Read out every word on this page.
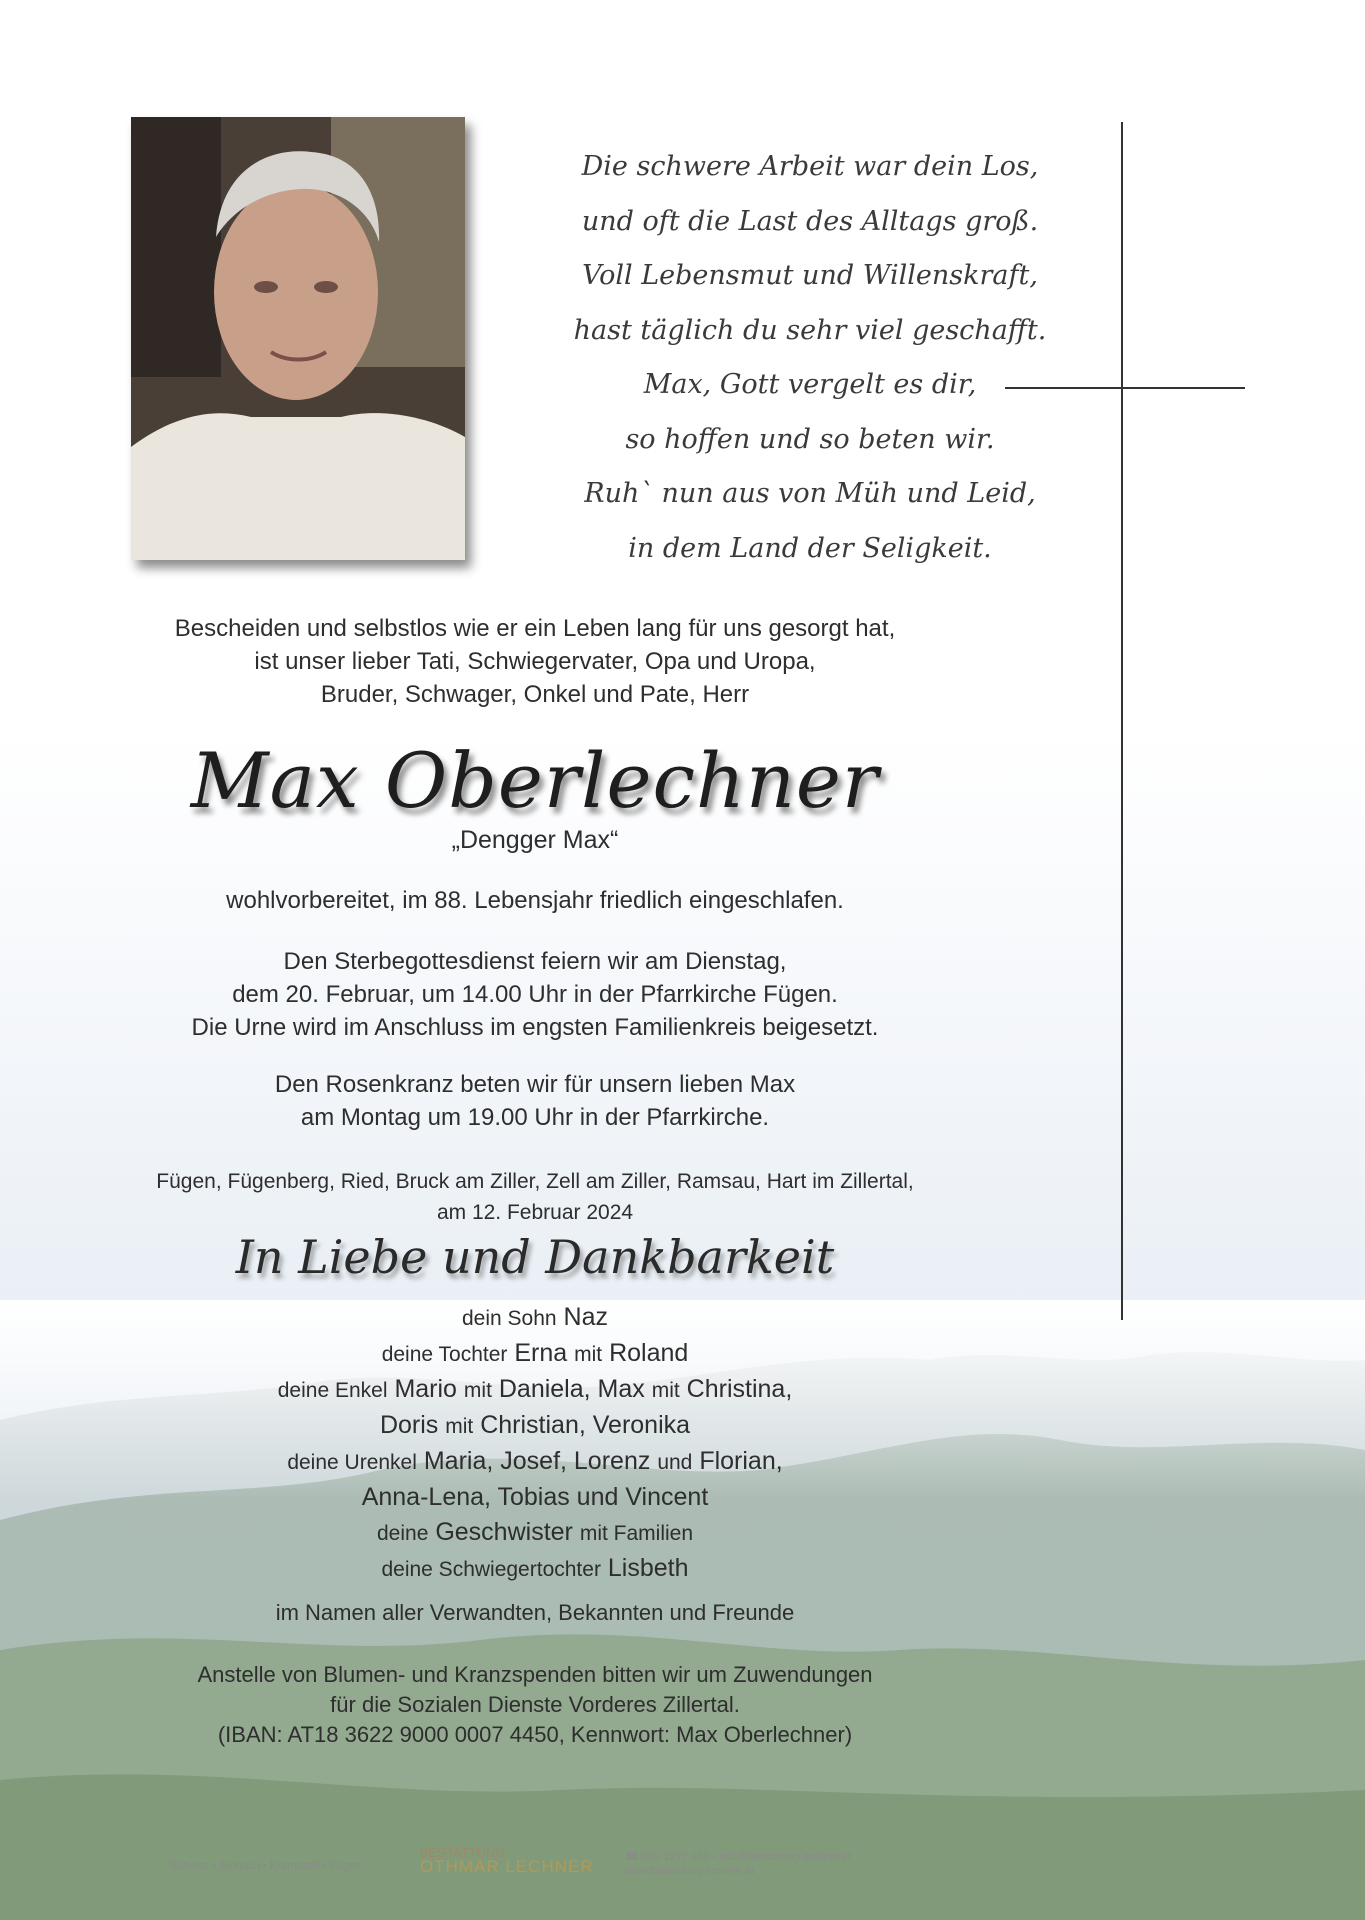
Die schwere Arbeit war dein Los,
und oft die Last des Alltags groß.
Voll Lebensmut und Willenskraft,
hast täglich du sehr viel geschafft.
Max, Gott vergelt es dir,
so hoffen und so beten wir.
Ruh` nun aus von Müh und Leid,
in dem Land der Seligkeit.
Bescheiden und selbstlos wie er ein Leben lang für uns gesorgt hat,
ist unser lieber Tati, Schwiegervater, Opa und Uropa,
Bruder, Schwager, Onkel und Pate, Herr
Max Oberlechner
„Dengger Max“
wohlvorbereitet, im 88. Lebensjahr friedlich eingeschlafen.
Den Sterbegottesdienst feiern wir am Dienstag,
dem 20. Februar, um 14.00 Uhr in der Pfarrkirche Fügen.
Die Urne wird im Anschluss im engsten Familienkreis beigesetzt.
Den Rosenkranz beten wir für unsern lieben Max
am Montag um 19.00 Uhr in der Pfarrkirche.
Fügen, Fügenberg, Ried, Bruck am Ziller, Zell am Ziller, Ramsau, Hart im Zillertal,
am 12. Februar 2024
In Liebe und Dankbarkeit
dein Sohn Naz
deine Tochter Erna mit Roland
deine Enkel Mario mit Daniela, Max mit Christina,
Doris mit Christian, Veronika
deine Urenkel Maria, Josef, Lorenz und Florian,
Anna-Lena, Tobias und Vincent
deine Geschwister mit Familien
deine Schwiegertochter Lisbeth
im Namen aller Verwandten, Bekannten und Freunde
Anstelle von Blumen- und Kranzspenden bitten wir um Zuwendungen
für die Sozialen Dienste Vorderes Zillertal.
(IBAN: AT18 3622 9000 0007 4450, Kennwort: Max Oberlechner)
Schwaz • Jenbach • Kramsach • Fügen
BESTATTUNG
OTHMAR LECHNER	☎ 050 1717 140 • info@bestattung-lechner.at
www.bestattung-lechner.at
